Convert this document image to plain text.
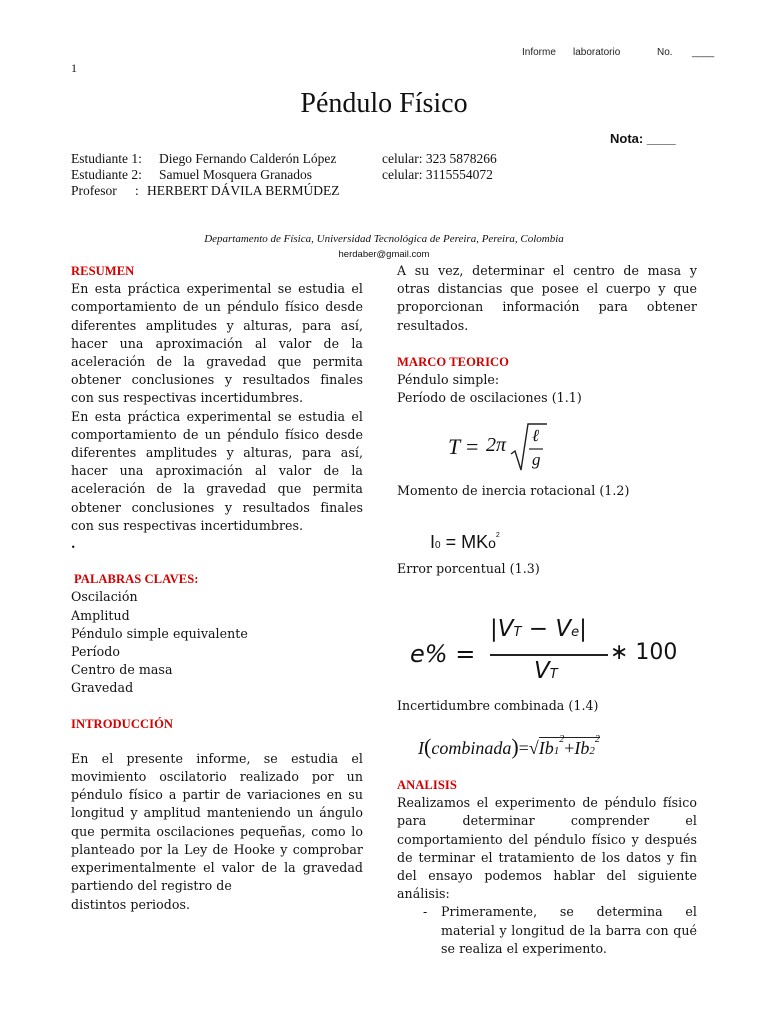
Informe laboratorio	No. ____
1
Péndulo Físico
Nota: ____
Estudiante 1: Diego Fernando Calderón López	celular: 323 5878266
Estudiante 2: Samuel Mosquera Granados	celular: 3115554072
Profesor : HERBERT DÁVILA BERMÚDEZ
Departamento de Física, Universidad Tecnológica de Pereira, Pereira, Colombia
herdaber@gmail.com
RESUMEN

En esta práctica experimental se estudia el comportamiento de un péndulo físico desde diferentes amplitudes y alturas, para así, hacer una aproximación al valor de la aceleración de la gravedad que permita obtener conclusiones y resultados finales con sus respectivas incertidumbres.

En esta práctica experimental se estudia el comportamiento de un péndulo físico desde diferentes amplitudes y alturas, para así, hacer una aproximación al valor de la aceleración de la gravedad que permita obtener conclusiones y resultados finales con sus respectivas incertidumbres.

.
PALABRAS CLAVES:
Oscilación
Amplitud
Péndulo simple equivalente
Período
Centro de masa
Gravedad
INTRODUCCIÓN

En el presente informe, se estudia el movimiento oscilatorio realizado por un péndulo físico a partir de variaciones en su longitud y amplitud manteniendo un ángulo que permita oscilaciones pequeñas, como lo planteado por la Ley de Hooke y comprobar experimentalmente el valor de la gravedad partiendo del registro de

distintos periodos.

A su vez, determinar el centro de masa y otras distancias que posee el cuerpo y que proporcionan información para obtener resultados.

MARCO TEORICO
Péndulo simple:
Período de oscilaciones (1.1)
T = 2π ℓ
g
Momento de inercia rotacional (1.2)
I0 = MKo$^2$
Error porcentual (1.3)
e% =
|VT − Ve|
VT
∗ 100
Incertidumbre combinada (1.4)
$I(combinada)=√Ib1^2+Ib2^2$
ANALISIS

Realizamos el experimento de péndulo físico para determinar comprender el comportamiento del péndulo físico y después de terminar el tratamiento de los datos y fin del ensayo podemos hablar del siguiente análisis:

-	Primeramente, se determina el material y longitud de la barra con qué se realiza el experimento.
